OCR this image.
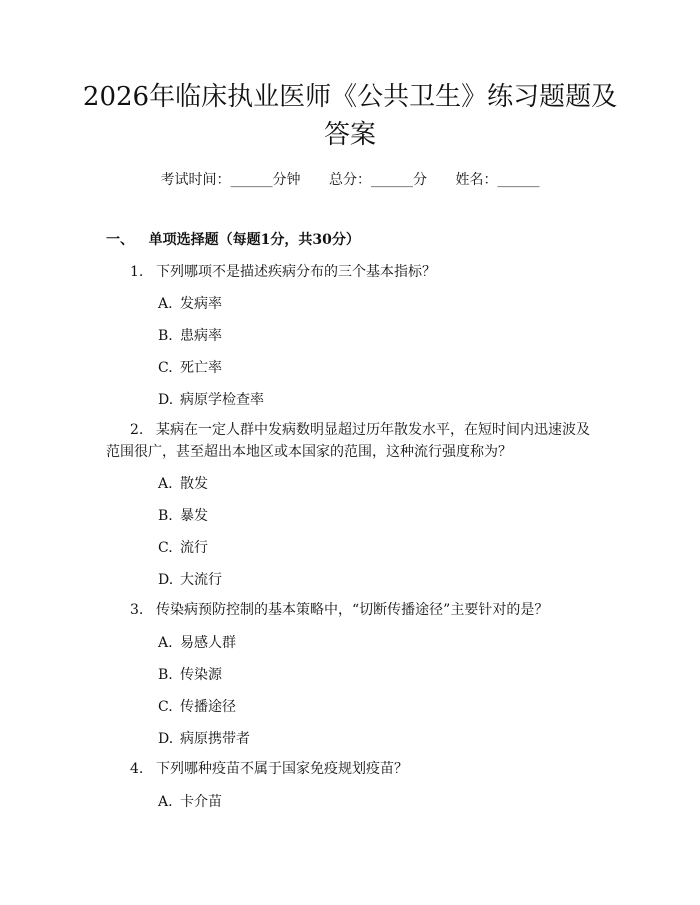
2026年临床执业医师《公共卫生》练习题题及答案
考试时间：______分钟 总分：______分 姓名：______
一、 单项选择题（每题1分，共30分）
1. 下列哪项不是描述疾病分布的三个基本指标？
A. 发病率
B. 患病率
C. 死亡率
D. 病原学检查率
2. 某病在一定人群中发病数明显超过历年散发水平，在短时间内迅速波及范围很广，甚至超出本地区或本国家的范围，这种流行强度称为？
A. 散发
B. 暴发
C. 流行
D. 大流行
3. 传染病预防控制的基本策略中，“切断传播途径”主要针对的是？
A. 易感人群
B. 传染源
C. 传播途径
D. 病原携带者
4. 下列哪种疫苗不属于国家免疫规划疫苗？
A. 卡介苗
